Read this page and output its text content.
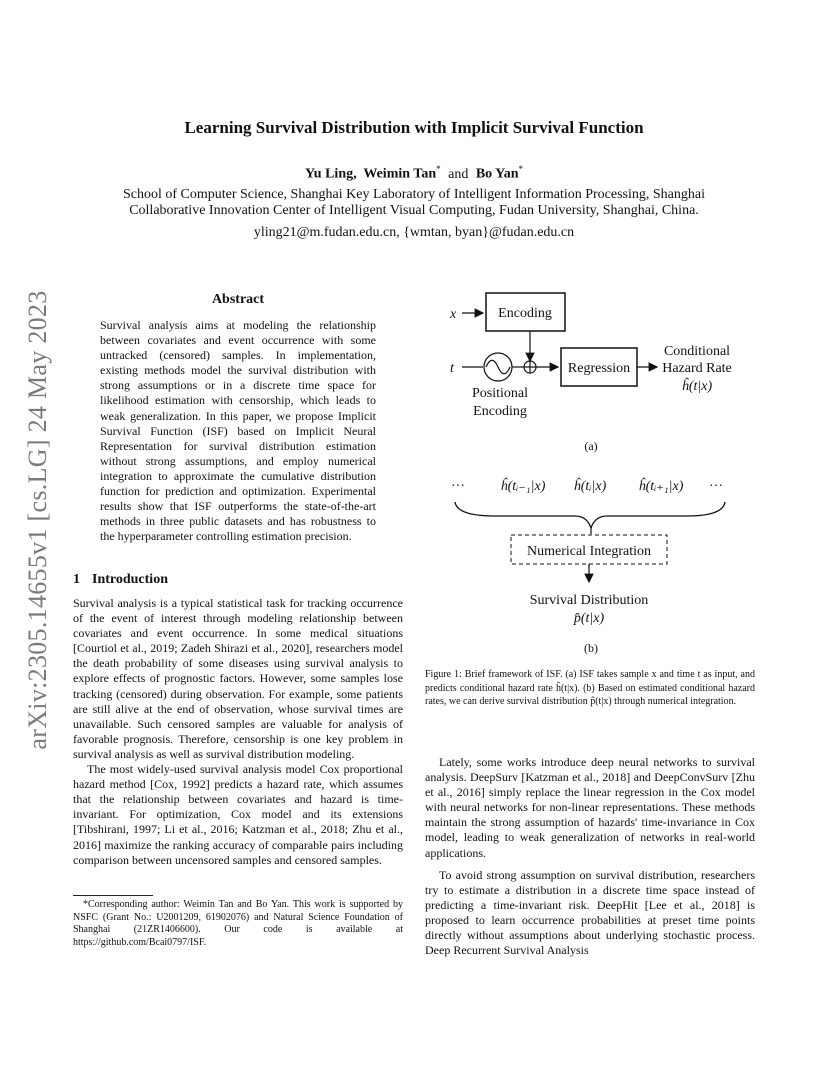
arXiv:2305.14655v1 [cs.LG] 24 May 2023
Learning Survival Distribution with Implicit Survival Function
Yu Ling, Weimin Tan* and Bo Yan*
School of Computer Science, Shanghai Key Laboratory of Intelligent Information Processing, Shanghai
Collaborative Innovation Center of Intelligent Visual Computing, Fudan University, Shanghai, China.
yling21@m.fudan.edu.cn, {wmtan, byan}@fudan.edu.cn
Abstract
Survival analysis aims at modeling the relationship between covariates and event occurrence with some untracked (censored) samples. In implementation, existing methods model the survival distribution with strong assumptions or in a discrete time space for likelihood estimation with censorship, which leads to weak generalization. In this paper, we propose Implicit Survival Function (ISF) based on Implicit Neural Representation for survival distribution estimation without strong assumptions, and employ numerical integration to approximate the cumulative distribution function for prediction and optimization. Experimental results show that ISF outperforms the state-of-the-art methods in three public datasets and has robustness to the hyperparameter controlling estimation precision.
1 Introduction

Survival analysis is a typical statistical task for tracking occurrence of the event of interest through modeling relationship between covariates and event occurrence. In some medical situations [Courtiol et al., 2019; Zadeh Shirazi et al., 2020], researchers model the death probability of some diseases using survival analysis to explore effects of prognostic factors. However, some samples lose tracking (censored) during observation. For example, some patients are still alive at the end of observation, whose survival times are unavailable. Such censored samples are valuable for analysis of favorable prognosis. Therefore, censorship is one key problem in survival analysis as well as survival distribution modeling.

The most widely-used survival analysis model Cox proportional hazard method [Cox, 1992] predicts a hazard rate, which assumes that the relationship between covariates and hazard is time-invariant. For optimization, Cox model and its extensions [Tibshirani, 1997; Li et al., 2016; Katzman et al., 2018; Zhu et al., 2016] maximize the ranking accuracy of comparable pairs including comparison between uncensored samples and censored samples.

*Corresponding author: Weimin Tan and Bo Yan. This work is supported by NSFC (Grant No.: U2001209, 61902076) and Natural Science Foundation of Shanghai (21ZR1406600). Our code is available at https://github.com/Bcai0797/ISF.

x	Encoding
t
Positional
Encoding
Regression
Conditional
Hazard Rate
ĥ(t|x)
(a)
···	ĥ(tᵢ₋₁|x) ĥ(tᵢ|x) ĥ(tᵢ₊₁|x) ···
Numerical Integration
Survival Distribution
p̂(t|x)
(b)
Figure 1: Brief framework of ISF. (a) ISF takes sample x and time t as input, and predicts conditional hazard rate ĥ(t|x). (b) Based on estimated conditional hazard rates, we can derive survival distribution p̂(t|x) through numerical integration.

Lately, some works introduce deep neural networks to survival analysis. DeepSurv [Katzman et al., 2018] and DeepConvSurv [Zhu et al., 2016] simply replace the linear regression in the Cox model with neural networks for non-linear representations. These methods maintain the strong assumption of hazards' time-invariance in Cox model, leading to weak generalization of networks in real-world applications.

To avoid strong assumption on survival distribution, researchers try to estimate a distribution in a discrete time space instead of predicting a time-invariant risk. DeepHit [Lee et al., 2018] is proposed to learn occurrence probabilities at preset time points directly without assumptions about underlying stochastic process. Deep Recurrent Survival Analysis
